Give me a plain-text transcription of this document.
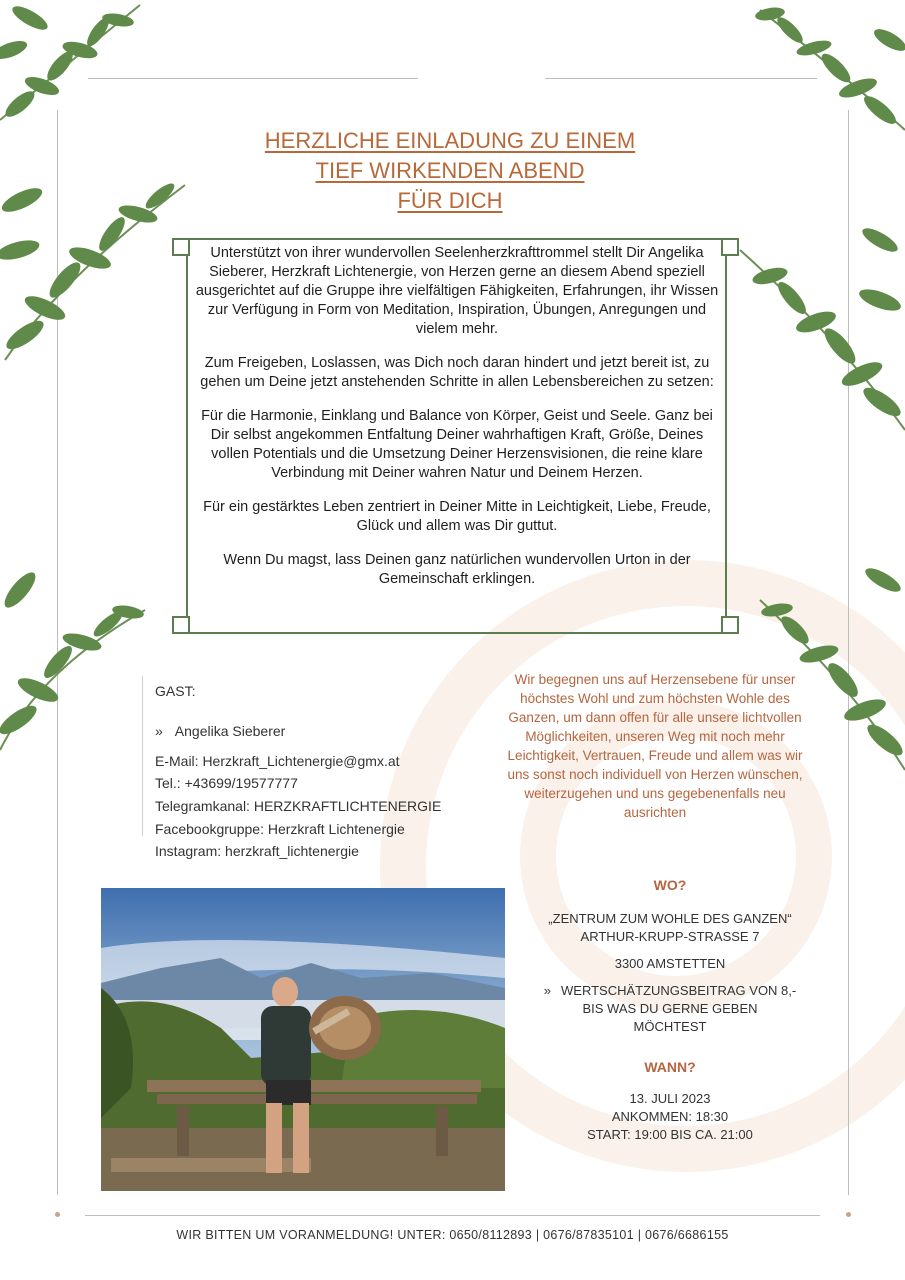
HERZLICHE EINLADUNG ZU EINEM
TIEF WIRKENDEN ABEND
FÜR DICH

Unterstützt von ihrer wundervollen Seelenherzkrafttrommel stellt Dir Angelika Sieberer, Herzkraft Lichtenergie, von Herzen gerne an diesem Abend speziell ausgerichtet auf die Gruppe ihre vielfältigen Fähigkeiten, Erfahrungen, ihr Wissen zur Verfügung in Form von Meditation, Inspiration, Übungen, Anregungen und vielem mehr.

Zum Freigeben, Loslassen, was Dich noch daran hindert und jetzt bereit ist, zu gehen um Deine jetzt anstehenden Schritte in allen Lebensbereichen zu setzen:

Für die Harmonie, Einklang und Balance von Körper, Geist und Seele. Ganz bei Dir selbst angekommen Entfaltung Deiner wahrhaftigen Kraft, Größe, Deines vollen Potentials und die Umsetzung Deiner Herzensvisionen, die reine klare Verbindung mit Deiner wahren Natur und Deinem Herzen.

Für ein gestärktes Leben zentriert in Deiner Mitte in Leichtigkeit, Liebe, Freude, Glück und allem was Dir guttut.

Wenn Du magst, lass Deinen ganz natürlichen wundervollen Urton in der Gemeinschaft erklingen.

GAST:
» Angelika Sieberer
E-Mail: Herzkraft_Lichtenergie@gmx.at
Tel.: +43699/19577777
Telegramkanal: HERZKRAFTLICHTENERGIE
Facebookgruppe: Herzkraft Lichtenergie
Instagram: herzkraft_lichtenergie
Wir begegnen uns auf Herzensebene für unser höchstes Wohl und zum höchsten Wohle des Ganzen, um dann offen für alle unsere lichtvollen Möglichkeiten, unseren Weg mit noch mehr Leichtigkeit, Vertrauen, Freude und allem was wir uns sonst noch individuell von Herzen wünschen, weiterzugehen und uns gegebenenfalls neu ausrichten
WO?
„ZENTRUM ZUM WOHLE DES GANZEN“
ARTHUR-KRUPP-STRASSE 7
3300 AMSTETTEN
» WERTSCHÄTZUNGSBEITRAG VON 8,-
BIS WAS DU GERNE GEBEN
MÖCHTEST
WANN?
13. JULI 2023
ANKOMMEN: 18:30
START: 19:00 BIS CA. 21:00
WIR BITTEN UM VORANMELDUNG! UNTER: 0650/8112893 | 0676/87835101 | 0676/6686155
